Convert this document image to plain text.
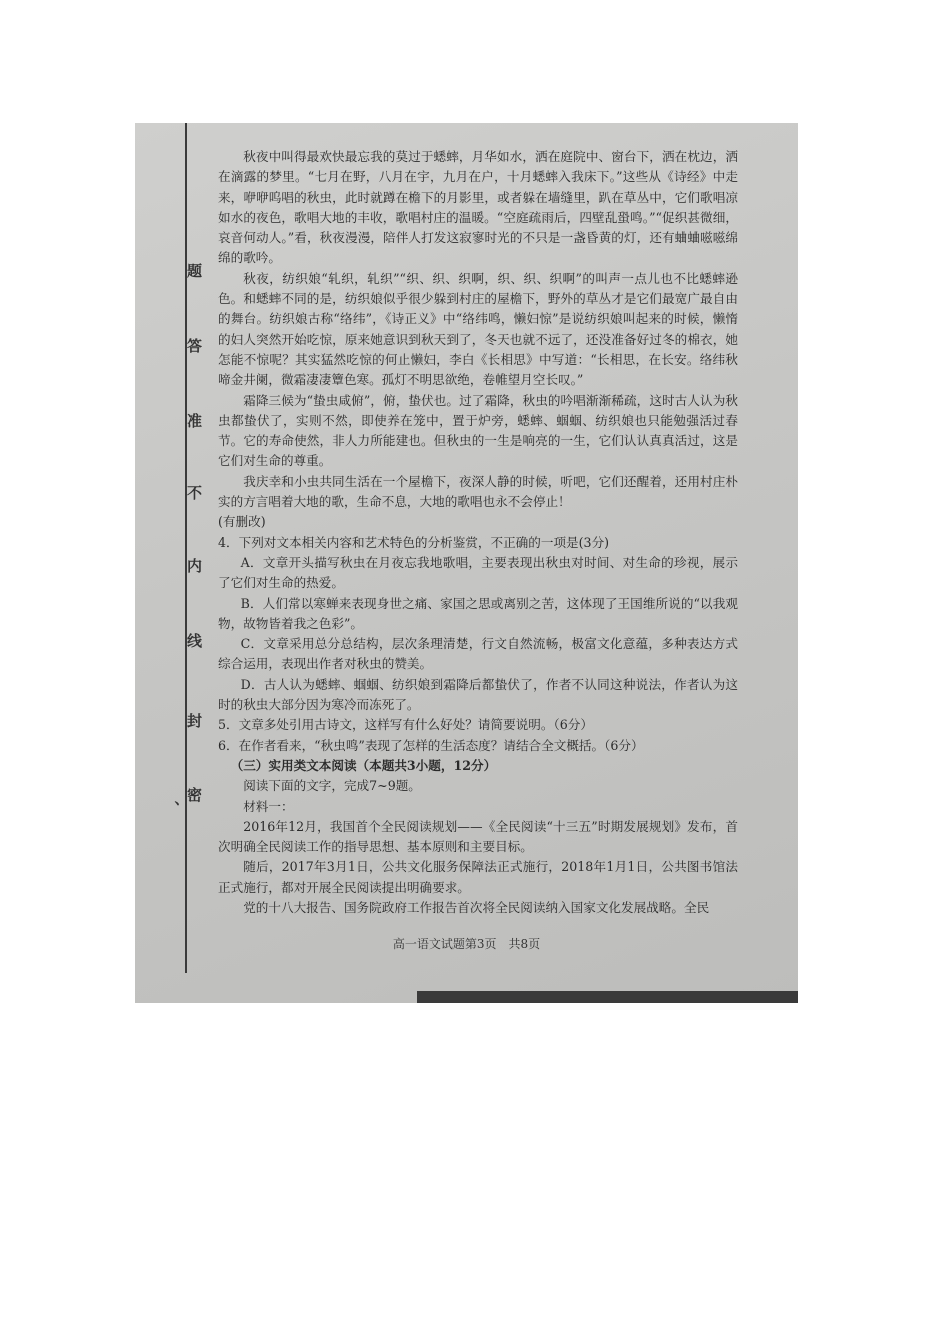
题
答
准
不
内
线
封
密
、

秋夜中叫得最欢快最忘我的莫过于蟋蟀，月华如水，洒在庭院中、窗台下，洒在枕边，洒在滴露的梦里。“七月在野，八月在宇，九月在户，十月蟋蟀入我床下。”这些从《诗经》中走来，咿咿呜唱的秋虫，此时就蹲在檐下的月影里，或者躲在墙缝里，趴在草丛中，它们歌唱凉如水的夜色，歌唱大地的丰收，歌唱村庄的温暖。“空庭疏雨后，四壁乱蛩鸣。”“促织甚微细，哀音何动人。”看，秋夜漫漫，陪伴人打发这寂寥时光的不只是一盏昏黄的灯，还有蛐蛐嗞嗞绵绵的歌吟。

秋夜，纺织娘“轧织，轧织”“织、织、织啊，织、织、织啊”的叫声一点儿也不比蟋蟀逊色。和蟋蟀不同的是，纺织娘似乎很少躲到村庄的屋檐下，野外的草丛才是它们最宽广最自由的舞台。纺织娘古称“络纬”，《诗正义》中“络纬鸣，懒妇惊”是说纺织娘叫起来的时候，懒惰的妇人突然开始吃惊，原来她意识到秋天到了，冬天也就不远了，还没准备好过冬的棉衣，她怎能不惊呢？其实猛然吃惊的何止懒妇，李白《长相思》中写道：“长相思，在长安。络纬秋啼金井阑，微霜凄凄簟色寒。孤灯不明思欲绝，卷帷望月空长叹。”

霜降三候为“蛰虫咸俯”，俯，蛰伏也。过了霜降，秋虫的吟唱渐渐稀疏，这时古人认为秋虫都蛰伏了，实则不然，即使养在笼中，置于炉旁，蟋蟀、蝈蝈、纺织娘也只能勉强活过春节。它的寿命使然，非人力所能建也。但秋虫的一生是响亮的一生，它们认认真真活过，这是它们对生命的尊重。

我庆幸和小虫共同生活在一个屋檐下，夜深人静的时候，听吧，它们还醒着，还用村庄朴实的方言唱着大地的歌，生命不息，大地的歌唱也永不会停止！

(有删改)

4．下列对文本相关内容和艺术特色的分析鉴赏，不正确的一项是(3分)

A．文章开头描写秋虫在月夜忘我地歌唱，主要表现出秋虫对时间、对生命的珍视，展示了它们对生命的热爱。

B．人们常以寒蝉来表现身世之痛、家国之思或离别之苦，这体现了王国维所说的“以我观物，故物皆着我之色彩”。

C．文章采用总分总结构，层次条理清楚，行文自然流畅，极富文化意蕴，多种表达方式综合运用，表现出作者对秋虫的赞美。

D．古人认为蟋蟀、蝈蝈、纺织娘到霜降后都蛰伏了，作者不认同这种说法，作者认为这时的秋虫大部分因为寒冷而冻死了。

5．文章多处引用古诗文，这样写有什么好处？请简要说明。（6分）

6．在作者看来，“秋虫鸣”表现了怎样的生活态度？请结合全文概括。（6分）

（三）实用类文本阅读（本题共3小题，12分）

阅读下面的文字，完成7~9题。

材料一：

2016年12月，我国首个全民阅读规划——《全民阅读“十三五”时期发展规划》发布，首次明确全民阅读工作的指导思想、基本原则和主要目标。

随后，2017年3月1日，公共文化服务保障法正式施行，2018年1月1日，公共图书馆法正式施行，都对开展全民阅读提出明确要求。

党的十八大报告、国务院政府工作报告首次将全民阅读纳入国家文化发展战略。全民

高一语文试题第3页　共8页
